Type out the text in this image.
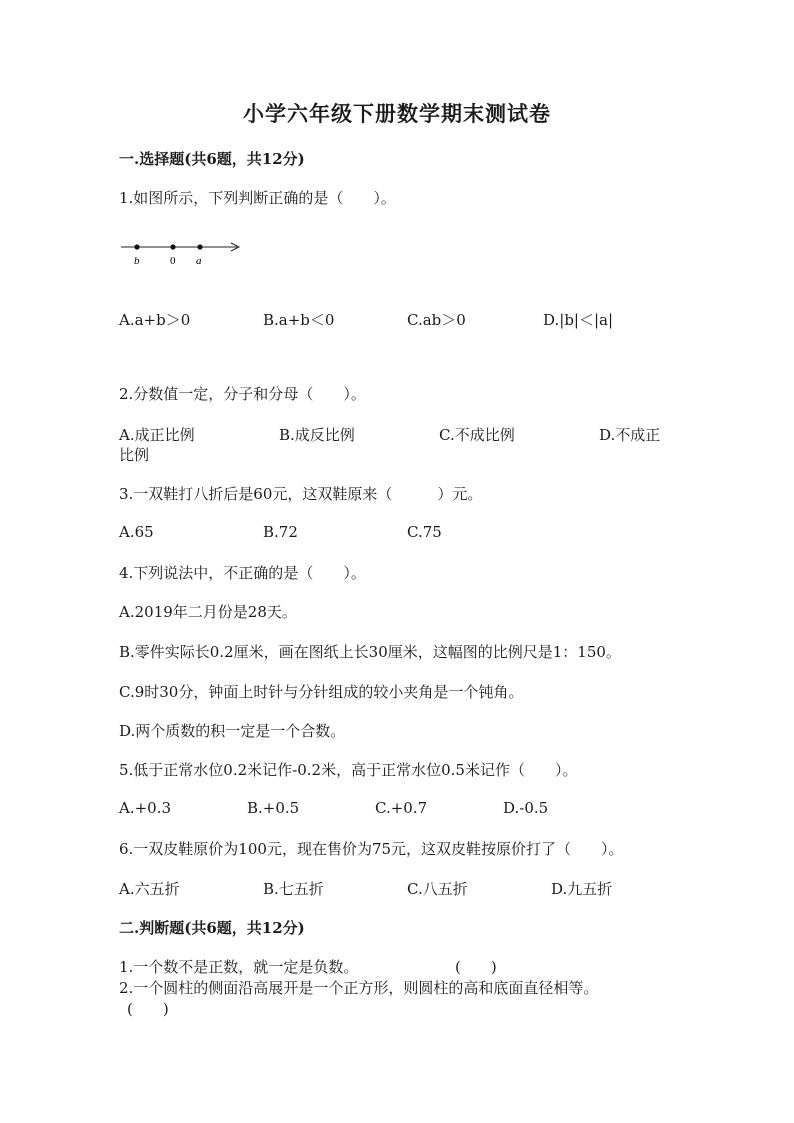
小学六年级下册数学期末测试卷
一.选择题(共6题，共12分)
1.如图所示，下列判断正确的是（　　）。
b	0 a
A.a+b＞0	B.a+b＜0	C.ab＞0	D.|b|＜|a|
2.分数值一定，分子和分母（　　）。
A.成正比例	B.成反比例	C.不成比例	D.不成正
比例
3.一双鞋打八折后是60元，这双鞋原来（　　　）元。
A.65	B.72	C.75
4.下列说法中，不正确的是（　　）。
A.2019年二月份是28天。
B.零件实际长0.2厘米，画在图纸上长30厘米，这幅图的比例尺是1：150。
C.9时30分，钟面上时针与分针组成的较小夹角是一个钝角。
D.两个质数的积一定是一个合数。
5.低于正常水位0.2米记作-0.2米，高于正常水位0.5米记作（　　）。
A.+0.3	B.+0.5	C.+0.7	D.-0.5
6.一双皮鞋原价为100元，现在售价为75元，这双皮鞋按原价打了（　　）。
A.六五折	B.七五折	C.八五折	D.九五折
二.判断题(共6题，共12分)
1.一个数不是正数，就一定是负数。	(　　)
2.一个圆柱的侧面沿高展开是一个正方形，则圆柱的高和底面直径相等。
(　　)
